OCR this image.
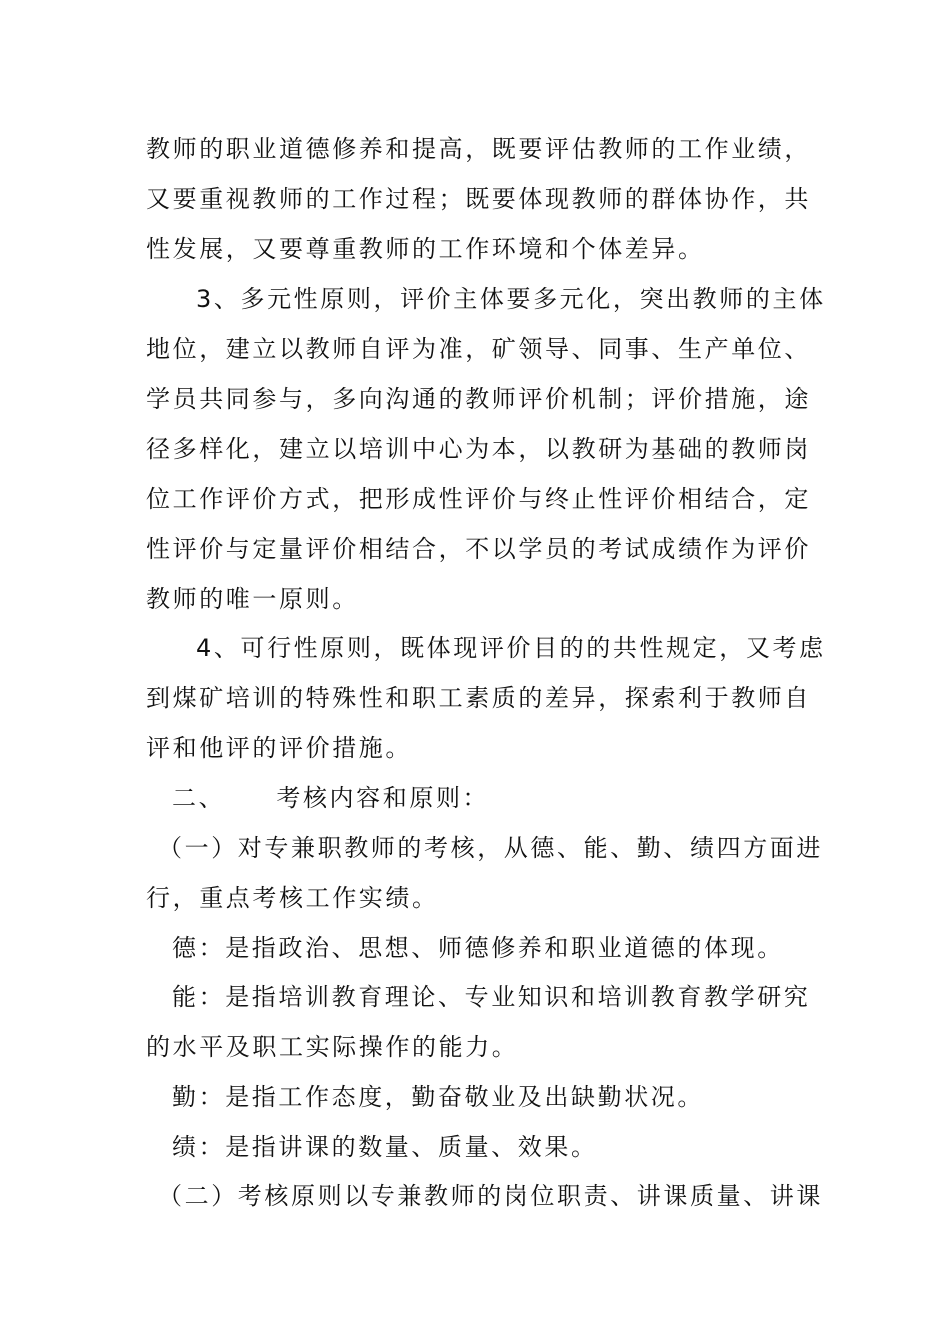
教师的职业道德修养和提高，既要评估教师的工作业绩，
又要重视教师的工作过程；既要体现教师的群体协作，共
性发展，又要尊重教师的工作环境和个体差异。
3、多元性原则，评价主体要多元化，突出教师的主体
地位，建立以教师自评为准，矿领导、同事、生产单位、
学员共同参与，多向沟通的教师评价机制；评价措施，途
径多样化，建立以培训中心为本，以教研为基础的教师岗
位工作评价方式，把形成性评价与终止性评价相结合，定
性评价与定量评价相结合，不以学员的考试成绩作为评价
教师的唯一原则。
4、可行性原则，既体现评价目的的共性规定，又考虑
到煤矿培训的特殊性和职工素质的差异，探索利于教师自
评和他评的评价措施。
二、     考核内容和原则：
（一）对专兼职教师的考核，从德、能、勤、绩四方面进
行，重点考核工作实绩。
德：是指政治、思想、师德修养和职业道德的体现。
能：是指培训教育理论、专业知识和培训教育教学研究
的水平及职工实际操作的能力。
勤：是指工作态度，勤奋敬业及出缺勤状况。
绩：是指讲课的数量、质量、效果。
（二）考核原则以专兼教师的岗位职责、讲课质量、讲课
